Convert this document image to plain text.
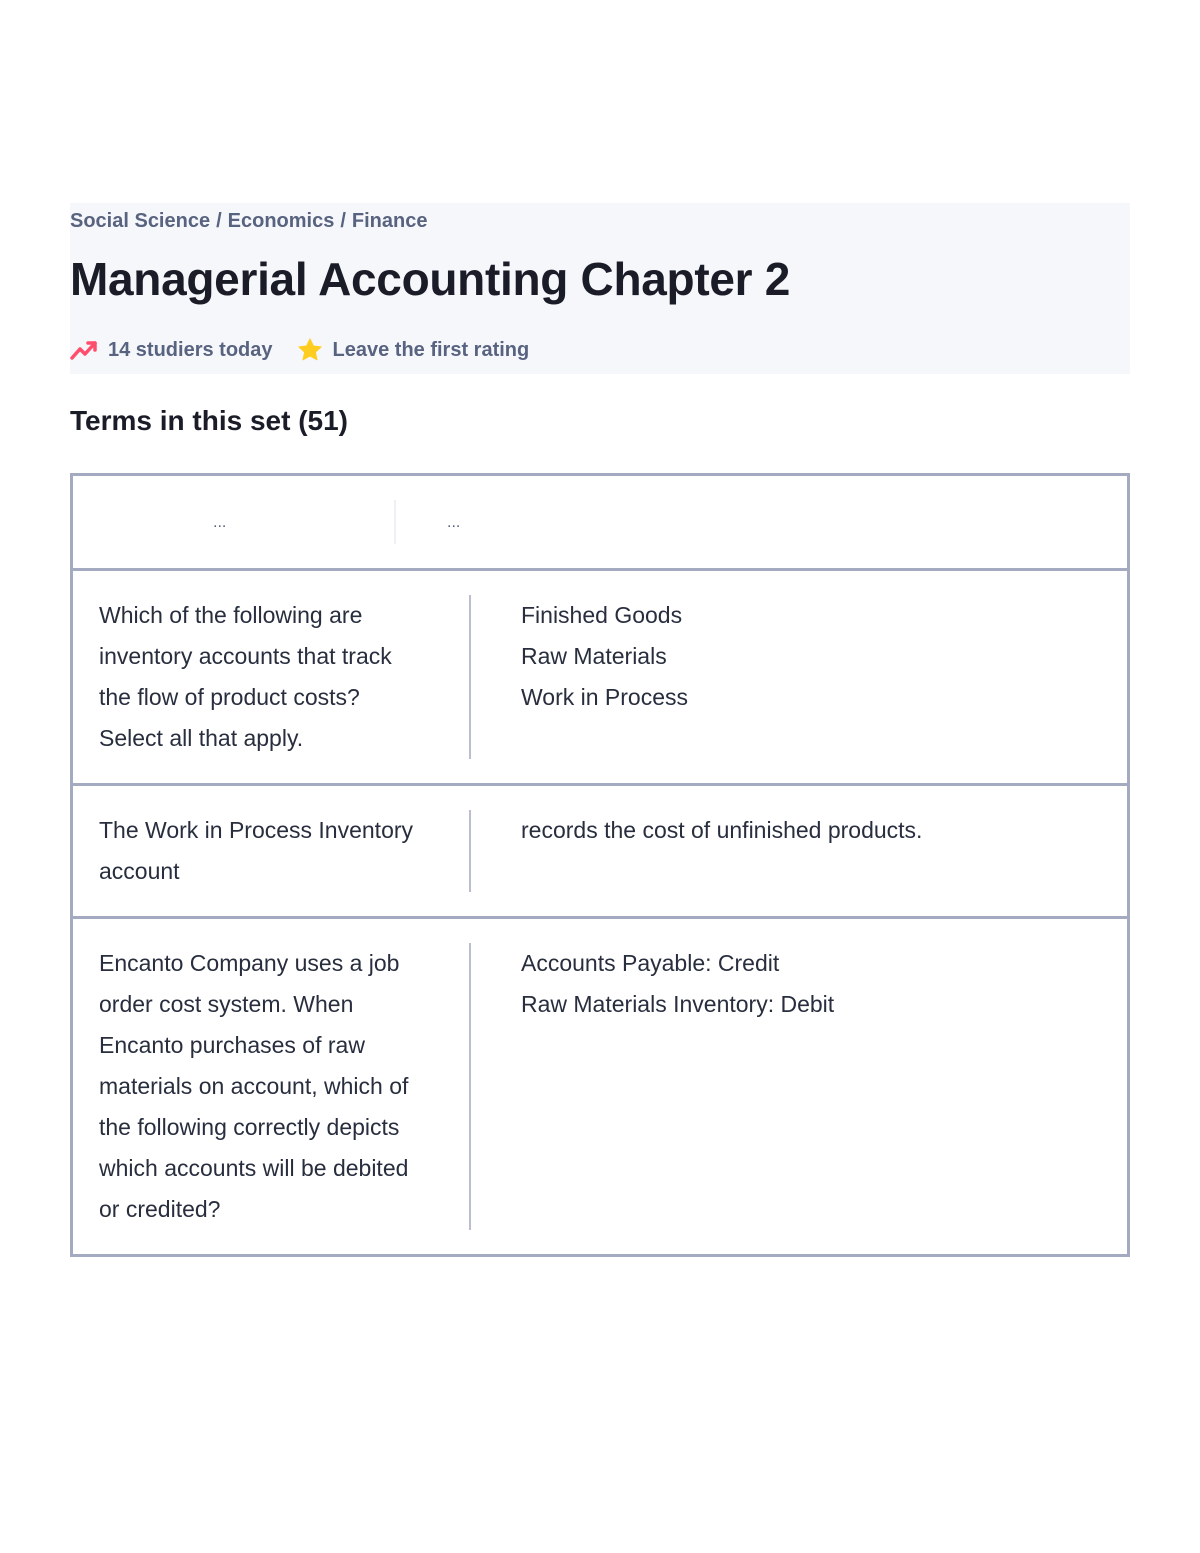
Social Science / Economics / Finance
Managerial Accounting Chapter 2
14 studiers today	Leave the first rating
Terms in this set (51)
...	...
Which of the following are inventory accounts that track the flow of product costs? Select all that apply.
Finished Goods
Raw Materials
Work in Process
The Work in Process Inventory account
records the cost of unfinished products.
Encanto Company uses a job order cost system. When Encanto purchases of raw materials on account, which of the following correctly depicts which accounts will be debited or credited?
Accounts Payable: Credit
Raw Materials Inventory: Debit
